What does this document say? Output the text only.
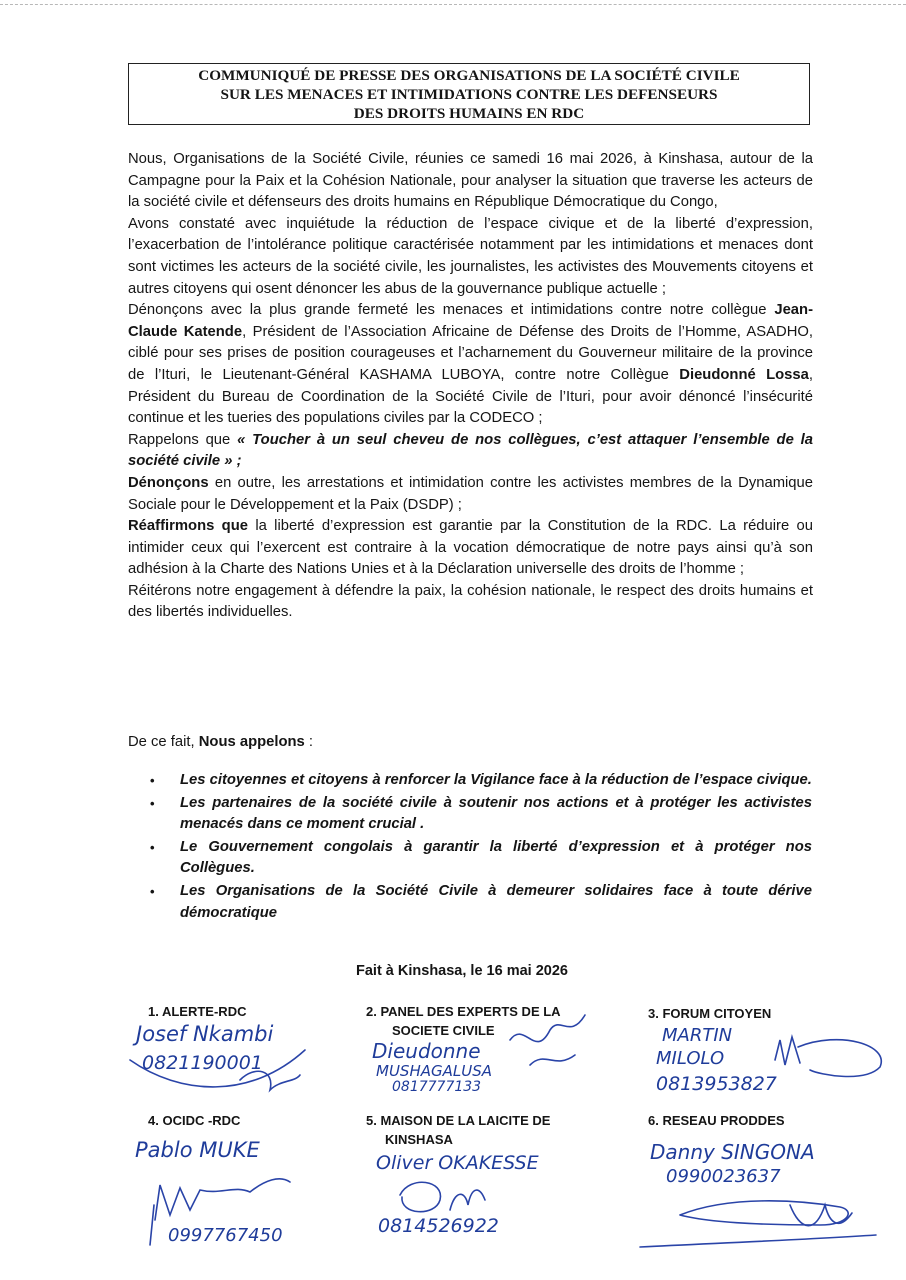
COMMUNIQUÉ DE PRESSE DES ORGANISATIONS DE LA SOCIÉTÉ CIVILE
SUR LES MENACES ET INTIMIDATIONS CONTRE LES DEFENSEURS
DES DROITS HUMAINS EN RDC

Nous, Organisations de la Société Civile, réunies ce samedi 16 mai 2026, à Kinshasa, autour de la Campagne pour la Paix et la Cohésion Nationale, pour analyser la situation que traverse les acteurs de la société civile et défenseurs des droits humains en République Démocratique du Congo,

Avons constaté avec inquiétude la réduction de l’espace civique et de la liberté d’expression, l’exacerbation de l’intolérance politique caractérisée notamment par les intimidations et menaces dont sont victimes les acteurs de la société civile, les journalistes, les activistes des Mouvements citoyens et autres citoyens qui osent dénoncer les abus de la gouvernance publique actuelle ;

Dénonçons avec la plus grande fermeté les menaces et intimidations contre notre collègue Jean-Claude Katende, Président de l’Association Africaine de Défense des Droits de l’Homme, ASADHO, ciblé pour ses prises de position courageuses et l’acharnement du Gouverneur militaire de la province de l’Ituri, le Lieutenant-Général KASHAMA LUBOYA, contre notre Collègue Dieudonné Lossa, Président du Bureau de Coordination de la Société Civile de l’Ituri, pour avoir dénoncé l’insécurité continue et les tueries des populations civiles par la CODECO ;

Rappelons que « Toucher à un seul cheveu de nos collègues, c’est attaquer l’ensemble de la société civile » ;

Dénonçons en outre, les arrestations et intimidation contre les activistes membres de la Dynamique Sociale pour le Développement et la Paix (DSDP) ;

Réaffirmons que la liberté d’expression est garantie par la Constitution de la RDC. La réduire ou intimider ceux qui l’exercent est contraire à la vocation démocratique de notre pays ainsi qu’à son adhésion à la Charte des Nations Unies et à la Déclaration universelle des droits de l’homme ;

Réitérons notre engagement à défendre la paix, la cohésion nationale, le respect des droits humains et des libertés individuelles.

De ce fait, Nous appelons :
• Les citoyennes et citoyens à renforcer la Vigilance face à la réduction de l’espace civique.
• Les partenaires de la société civile à soutenir nos actions et à protéger les activistes menacés dans ce moment crucial .
• Le Gouvernement congolais à garantir la liberté d’expression et à protéger nos Collègues.
• Les Organisations de la Société Civile à demeurer solidaires face à toute dérive démocratique
Fait à Kinshasa, le 16 mai 2026
1. ALERTE-RDC
Josef Nkambi
0821190001
2. PANEL DES EXPERTS DE LA
SOCIETE CIVILE
Dieudonne
MUSHAGALUSA
0817777133
3. FORUM CITOYEN
MARTIN
MILOLO
0813953827
4. OCIDC -RDC
Pablo MUKE
0997767450
5. MAISON DE LA LAICITE DE
KINSHASA
Oliver OKAKESSE
0814526922
6. RESEAU PRODDES
Danny SINGONA
0990023637
